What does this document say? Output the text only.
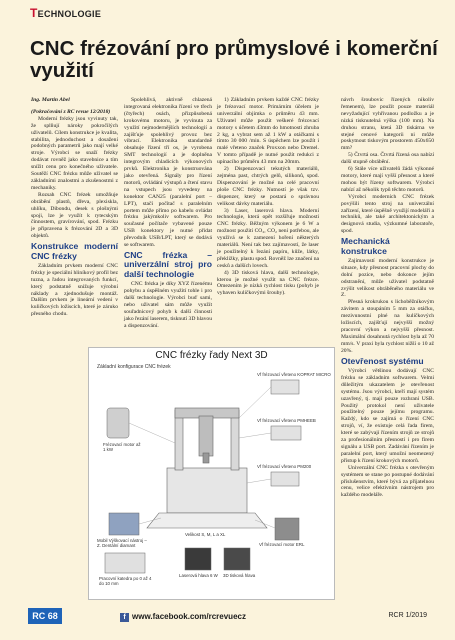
TECHNOLOGIE
CNC frézování pro průmyslové i komerční využití

Ing. Martin Abel

(Pokračování z RC revue 12/2018)

Moderní frézky jsou vyvinuty tak, že splňují nároky pokročilých uživatelů. Cílem konstrukce je kvalita, stabilita, jednoduchost a dosažení podobných parametrů jako mají velké stroje. Výrobci se snaží frézky dodávat rovněž jako stavebnice a tím snížit cenu pro konečného uživatele. Soutěží CNC frézku může uživatel se základními znalostmi a zkušenostmi z mechaniky.

Rozsah CNC frézek umožňuje obrábění plastů, dřeva, plexiskla, uhlíku, Dibondu, desek s plošnými spoji, lze je využít k rytecským činnostem, gravírování, spod. Frézku je připravena k frézování 2D a 3D objektů.

Konstrukce moderní CNC frézky

Základním prvkem moderní CNC frézky je speciální hliníkový profil bez tuzna, a řadou integrovaných funkcí, který podstatně snižuje výrobní náklady a zjednodušuje montáž. Dalším prvkem je lineární vedení v kuličkových ložiscích, které je záruko přesného chodu.

Spolehlivá, aktivně chlazená integrovaná elektronika řízení ve třech (čtyřech) osách, přizpůsobená krokovému motoru, je vyvinuta za využití nejmodernějších technologií a zajišťuje spolehlivý provoz bez vibrací. Elektronika standardně obsahuje řízení tří os, je vyrobena SMT technologií a je doplněna integrovým chladicích výkonových prvků. Elektronika je konstruována jako otevřená. Signály pro řízení motorů, ovládání výstupů a čtení stavu na vstupech jsou vyvedeny na konektor CAN25 (paralelní port – LPT), stačí počítač s paralelním portem může přímo po kabelu ovládat frézku jakýmkoliv softwarem. Pro současné počítače vybavené pouze USB konektory je nutné přidat převodník USB/LPT, který se dodává se softwarem.

CNC frézka – univerzální stroj pro další technologie

CNC frézka je díky XYZ řízenému pohybu a úspěšném využití tohle i pro další technologie. Výrobci buď sami, nebo uživatel sám může využít souřadnicový pohyb k další činnosti jako řezání laserem, tisknutí 3D hlavou a dispenzování.

1) Základním prvkem každé CNC frézky je frézovací motor. Primárním účelem je univerzální objimka o průměru 43 mm. Uživatel může použít veškeré frézovací motory s účetem 43mm do hmotnosti zhruba 2 kg, a vybrat sem až 1 kW a otáčkami s tímto 30 000 /min. S úspěchem lze použít i malé vřeteno značek Proxxon nebo Dremel. V tomto případě je nutné použít redukci z upínacího průměru 43 mm na 20mm.

2) Dispenzovací tekutých materiálů, zejména past, chtrých gelů, silikonů, spod. Dispenzování je možné na celé pracovní ploše CNC frézky. Nutností je však tzv. dispenzer, který se postará o správnou velikost dávky materiálu.

3) Laser, laserová hlava. Moderní technologie, která opět rozšiřuje možnosti CNC frézky. Běžným výkonem je 6 W a možnost použití CO₂, CO₂ není potřebou, ale využívá se k zamezení hoření některých materiálů. Není tak bez zajímavostí, že laser je použitelný k řezání papíru, kůže, látky, překližky, plastu spod. Rovněž lze značení na cesků a dalších lovech.

4) 3D tisková hlava, další technologie, kterou je možné využít na CNC frézce. Omezením je nízká rychlost tisku (pohyb je vybaven kuličkovými šrouby).

návrh šroubovic řízených nikoliv řemenem), lze použít pouze materiál nevyžadující vyhřívanou podložku a je nízká tisknutelná výška (100 mm). Na druhou stranu, ktetá 3D tiskárna ve stejné cenové kategorii ni může poskytnout tiskovým prostorem 450x650 mm?

5) Čtvrtá osa. Čtvrtá řízená osa nabízí další stupně obrábění.

6) Stále více uživatelů žádá výkonné motory, které mají vyšší přesnost a které mohou být řízeny softwarem. Výrobci nabízí až několik typů těchto motorů.

Výrobci moderních CNC frézek povýšili tento stroj na univerzální zařízení, které úspěšně využijí modeláři a techniků, ale také architektonickým a designová studia, výzkumné laboratoře, spod.

Mechanická konstrukce

Zajímavostí moderní konstrukce je situace, kdy přesnost pracovní plochy do dolní pozice, nebo dokonce jejím odstranění, může uživatel podstatně zvýšit velikost obráběného materiálu ve Z.

Přesná krokrukou s lichoběžníkovým závitem a stoupáním 5 mm za otáčku, mezivunostní plné na kuličkových ložiscích, zajišťují nejvyšší možný pracovní výkon a nejvyšší přesnost. Maximální dosahnutá rychlost byla až 70 mm/s. V praxi byla rychlost nižší o 10 až 20%.

Otevřenost systému

Výrobci většinou dodávají CNC frézku se základním softwarem. Velmi důležitým ukazatelem je otevřenost systému. Jsou výrobci, kteří mají systém uzavřený, tj. mají pouze rozhraní USB. Použitý protokol není uživatele použitelný pouze jejímu programu. Každý, kdo se zajímá o řízení CNC strojů, ví, že existuje celá řada firem, které se zabývají řízením strojů ze strojů za profesionálním přesností i pro firem signálu a USB port. Zadávání řízením je paralelní port, který umožní neomezený přístup k řízení krokových motorů.

Univerzální CNC frézka s otevřeným systémem se stane po postupné dodávání příslušenstvím, které bývá za přijatelnou cenu, velice efektivním nástrojem pro každého modeláře.

CNC frézky řady Next 3D
Základní konfigurace CNC frézek
Frézovací motor až 1 kW
Vf frézovací vřeteno KOPRAT MICRO
Vf frézovací vřeteno PMHEEB
Vf frézovací vřeteno PM200
Velikost S, M, L a XL
Vf frézovací motor ERL
Mobil Výškovací nástroj – Z. Dentální diamant
Laserová hlava 6 W 3D tisková hlava
Pracovní katedra po 0 až 4 do 10 mm
RC 68	f www.facebook.com/rcrevuecz	RCR 1/2019
